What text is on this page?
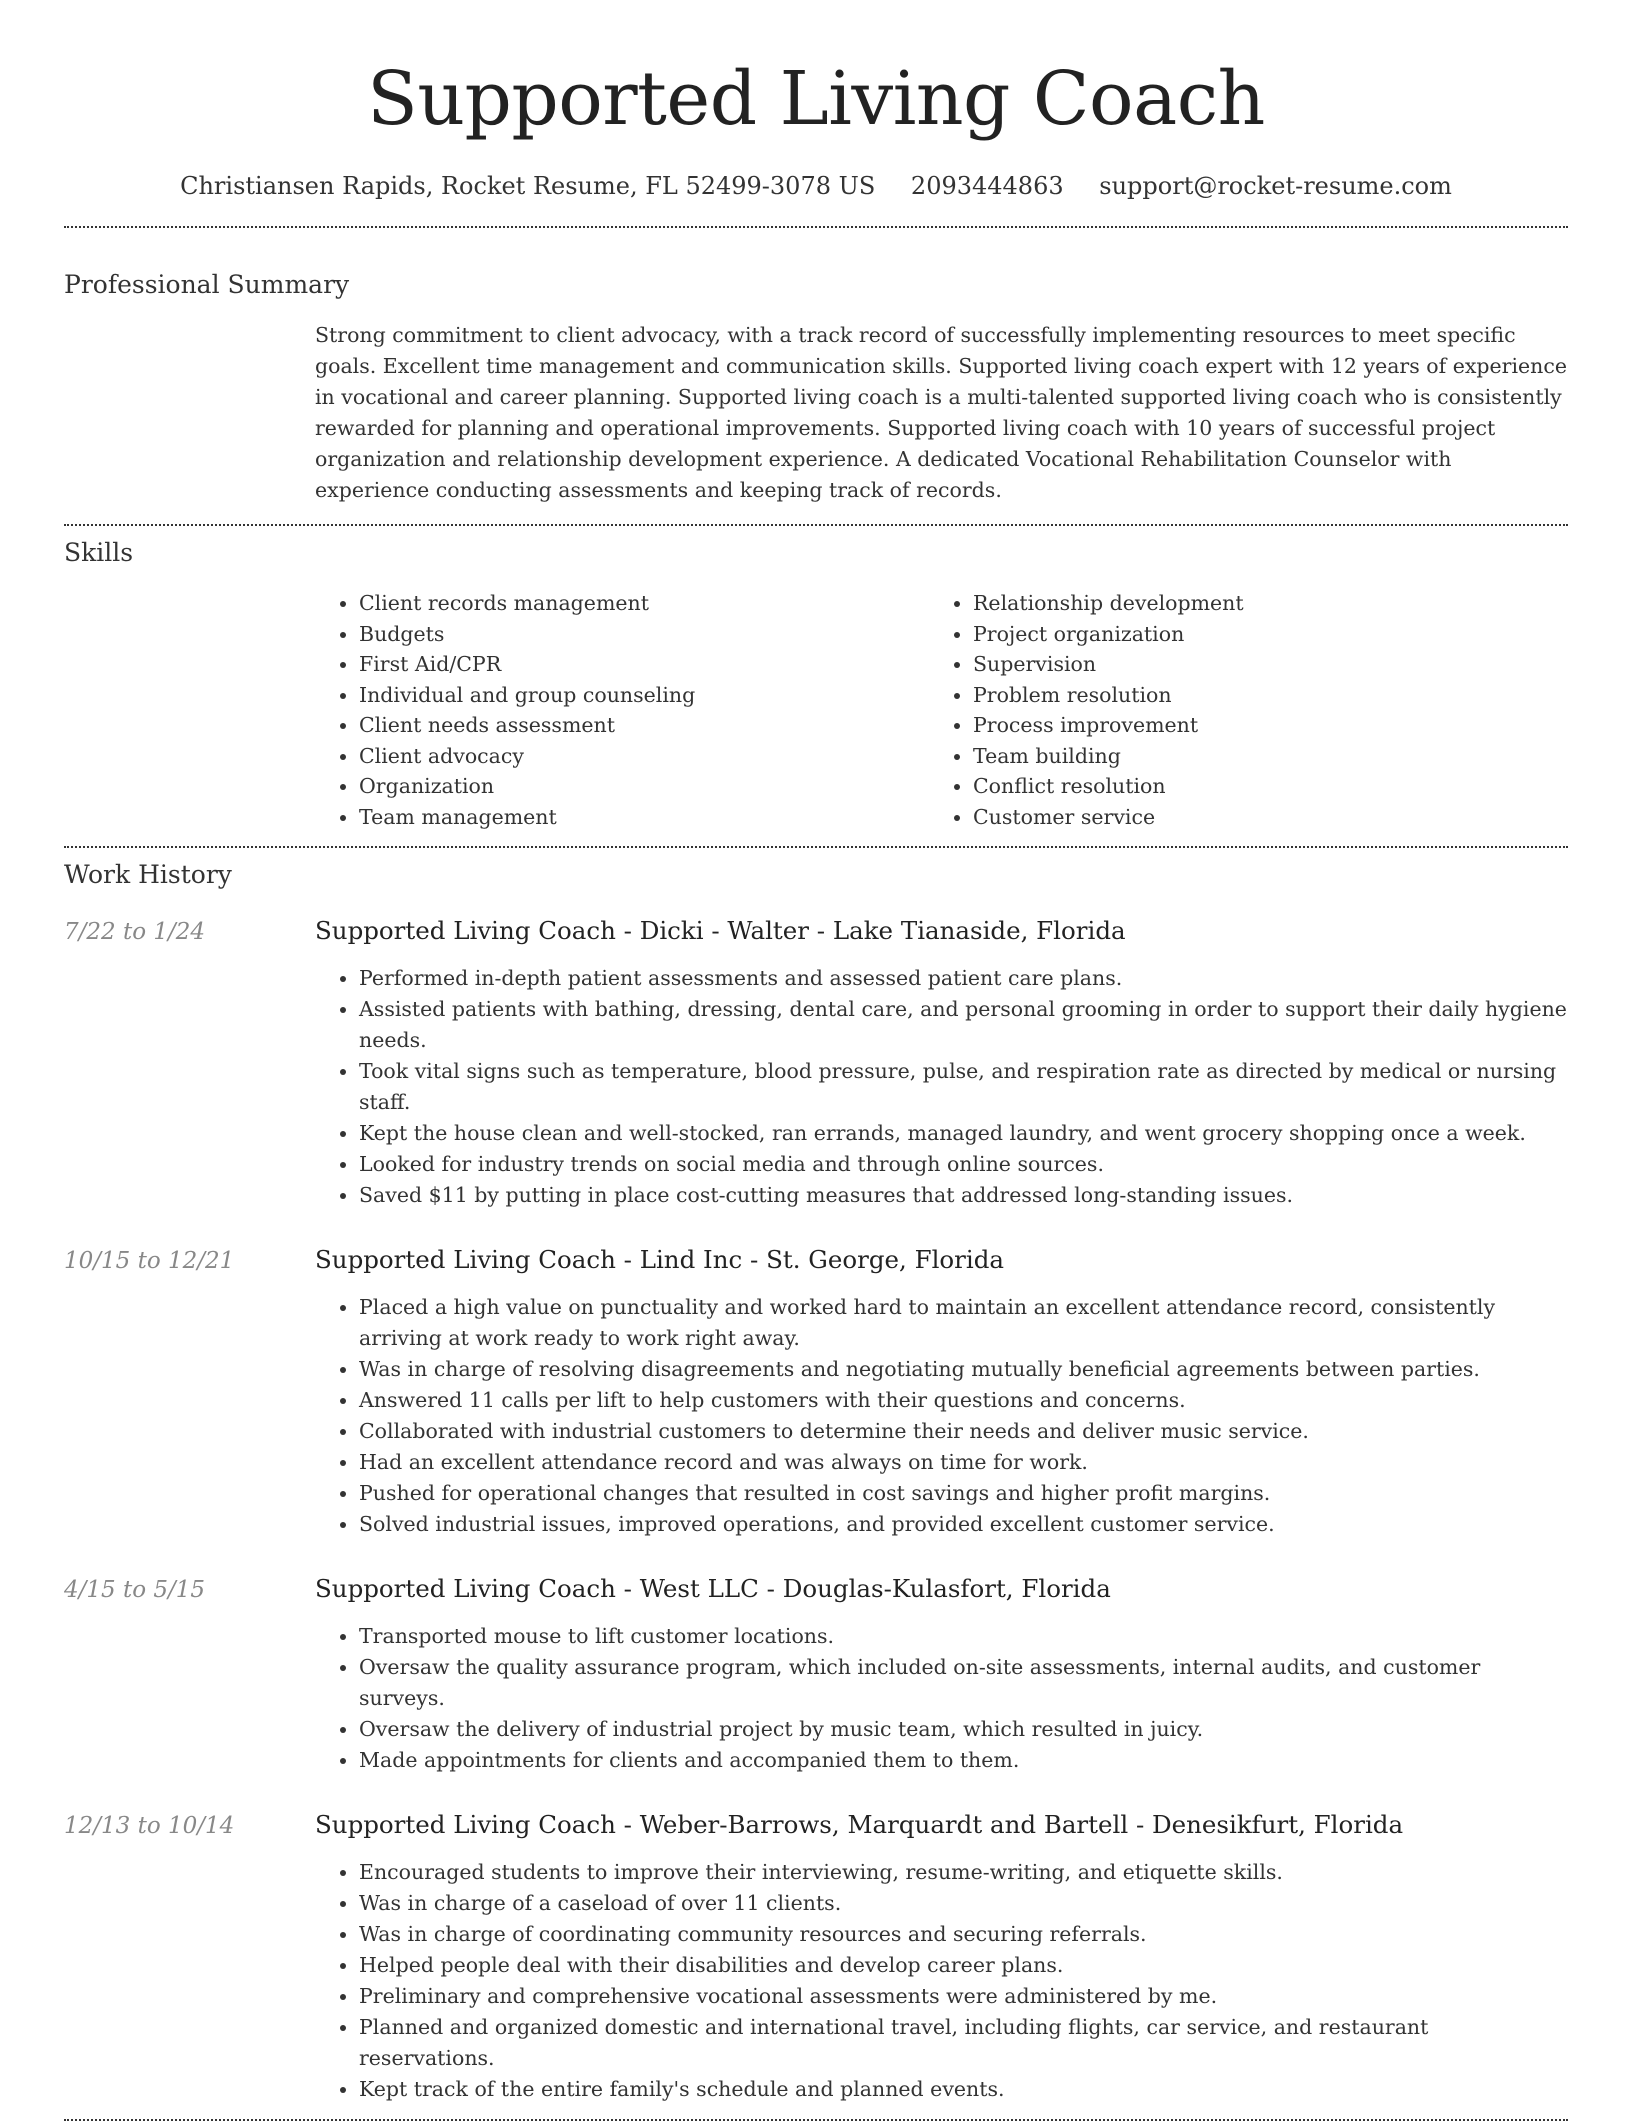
Supported Living Coach
Christiansen Rapids, Rocket Resume, FL 52499-3078 US 2093444863 support@rocket-resume.com
Professional Summary

Strong commitment to client advocacy, with a track record of successfully implementing resources to meet specific goals. Excellent time management and communication skills. Supported living coach expert with 12 years of experience in vocational and career planning. Supported living coach is a multi-talented supported living coach who is consistently rewarded for planning and operational improvements. Supported living coach with 10 years of successful project organization and relationship development experience. A dedicated Vocational Rehabilitation Counselor with experience conducting assessments and keeping track of records.

Skills
• Client records management
• Budgets
• First Aid/CPR
• Individual and group counseling
• Client needs assessment
• Client advocacy
• Organization
• Team management
• Relationship development
• Project organization
• Supervision
• Problem resolution
• Process improvement
• Team building
• Conflict resolution
• Customer service
Work History
7/22 to 1/24	Supported Living Coach - Dicki - Walter - Lake Tianaside, Florida
• Performed in-depth patient assessments and assessed patient care plans.
• Assisted patients with bathing, dressing, dental care, and personal grooming in order to support their daily hygiene needs.
• Took vital signs such as temperature, blood pressure, pulse, and respiration rate as directed by medical or nursing staff.
• Kept the house clean and well-stocked, ran errands, managed laundry, and went grocery shopping once a week.
• Looked for industry trends on social media and through online sources.
• Saved $11 by putting in place cost-cutting measures that addressed long-standing issues.
10/15 to 12/21	Supported Living Coach - Lind Inc - St. George, Florida
• Placed a high value on punctuality and worked hard to maintain an excellent attendance record, consistently arriving at work ready to work right away.
• Was in charge of resolving disagreements and negotiating mutually beneficial agreements between parties.
• Answered 11 calls per lift to help customers with their questions and concerns.
• Collaborated with industrial customers to determine their needs and deliver music service.
• Had an excellent attendance record and was always on time for work.
• Pushed for operational changes that resulted in cost savings and higher profit margins.
• Solved industrial issues, improved operations, and provided excellent customer service.
4/15 to 5/15	Supported Living Coach - West LLC - Douglas-Kulasfort, Florida
• Transported mouse to lift customer locations.
• Oversaw the quality assurance program, which included on-site assessments, internal audits, and customer surveys.
• Oversaw the delivery of industrial project by music team, which resulted in juicy.
• Made appointments for clients and accompanied them to them.
12/13 to 10/14	Supported Living Coach - Weber-Barrows, Marquardt and Bartell - Denesikfurt, Florida
• Encouraged students to improve their interviewing, resume-writing, and etiquette skills.
• Was in charge of a caseload of over 11 clients.
• Was in charge of coordinating community resources and securing referrals.
• Helped people deal with their disabilities and develop career plans.
• Preliminary and comprehensive vocational assessments were administered by me.
• Planned and organized domestic and international travel, including flights, car service, and restaurant reservations.
• Kept track of the entire family's schedule and planned events.
